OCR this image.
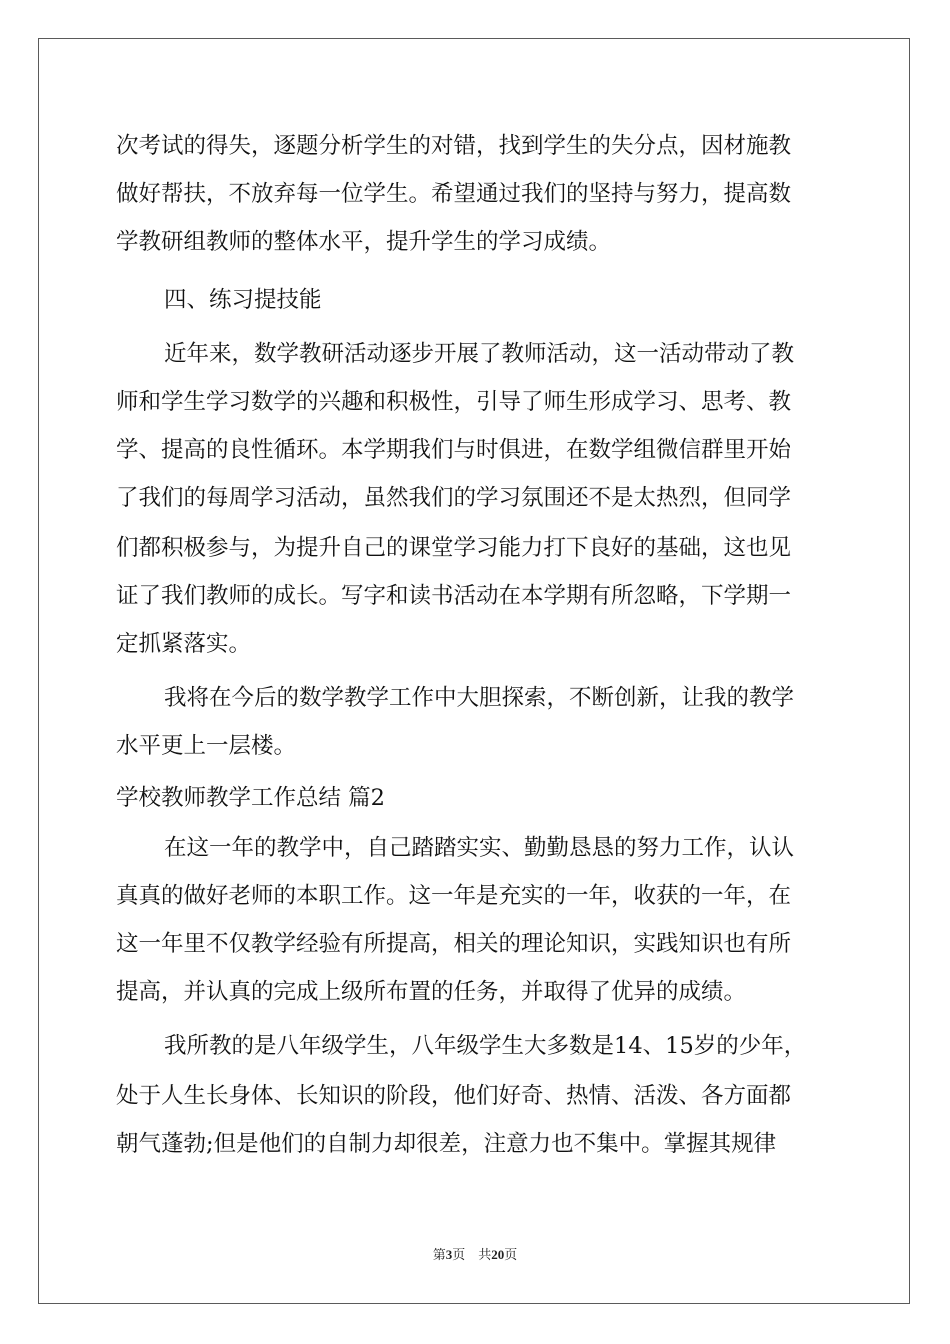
次考试的得失，逐题分析学生的对错，找到学生的失分点，因材施教
做好帮扶，不放弃每一位学生。希望通过我们的坚持与努力，提高数
学教研组教师的整体水平，提升学生的学习成绩。
四、练习提技能
近年来，数学教研活动逐步开展了教师活动，这一活动带动了教
师和学生学习数学的兴趣和积极性，引导了师生形成学习、思考、教
学、提高的良性循环。本学期我们与时俱进，在数学组微信群里开始
了我们的每周学习活动，虽然我们的学习氛围还不是太热烈，但同学
们都积极参与，为提升自己的课堂学习能力打下良好的基础，这也见
证了我们教师的成长。写字和读书活动在本学期有所忽略，下学期一
定抓紧落实。
我将在今后的数学教学工作中大胆探索，不断创新，让我的教学
水平更上一层楼。
学校教师教学工作总结 篇2
在这一年的教学中，自己踏踏实实、勤勤恳恳的努力工作，认认
真真的做好老师的本职工作。这一年是充实的一年，收获的一年，在
这一年里不仅教学经验有所提高，相关的理论知识，实践知识也有所
提高，并认真的完成上级所布置的任务，并取得了优异的成绩。
我所教的是八年级学生，八年级学生大多数是14、15岁的少年，
处于人生长身体、长知识的阶段，他们好奇、热情、活泼、各方面都
朝气蓬勃;但是他们的自制力却很差，注意力也不集中。掌握其规律
第3页 共20页
